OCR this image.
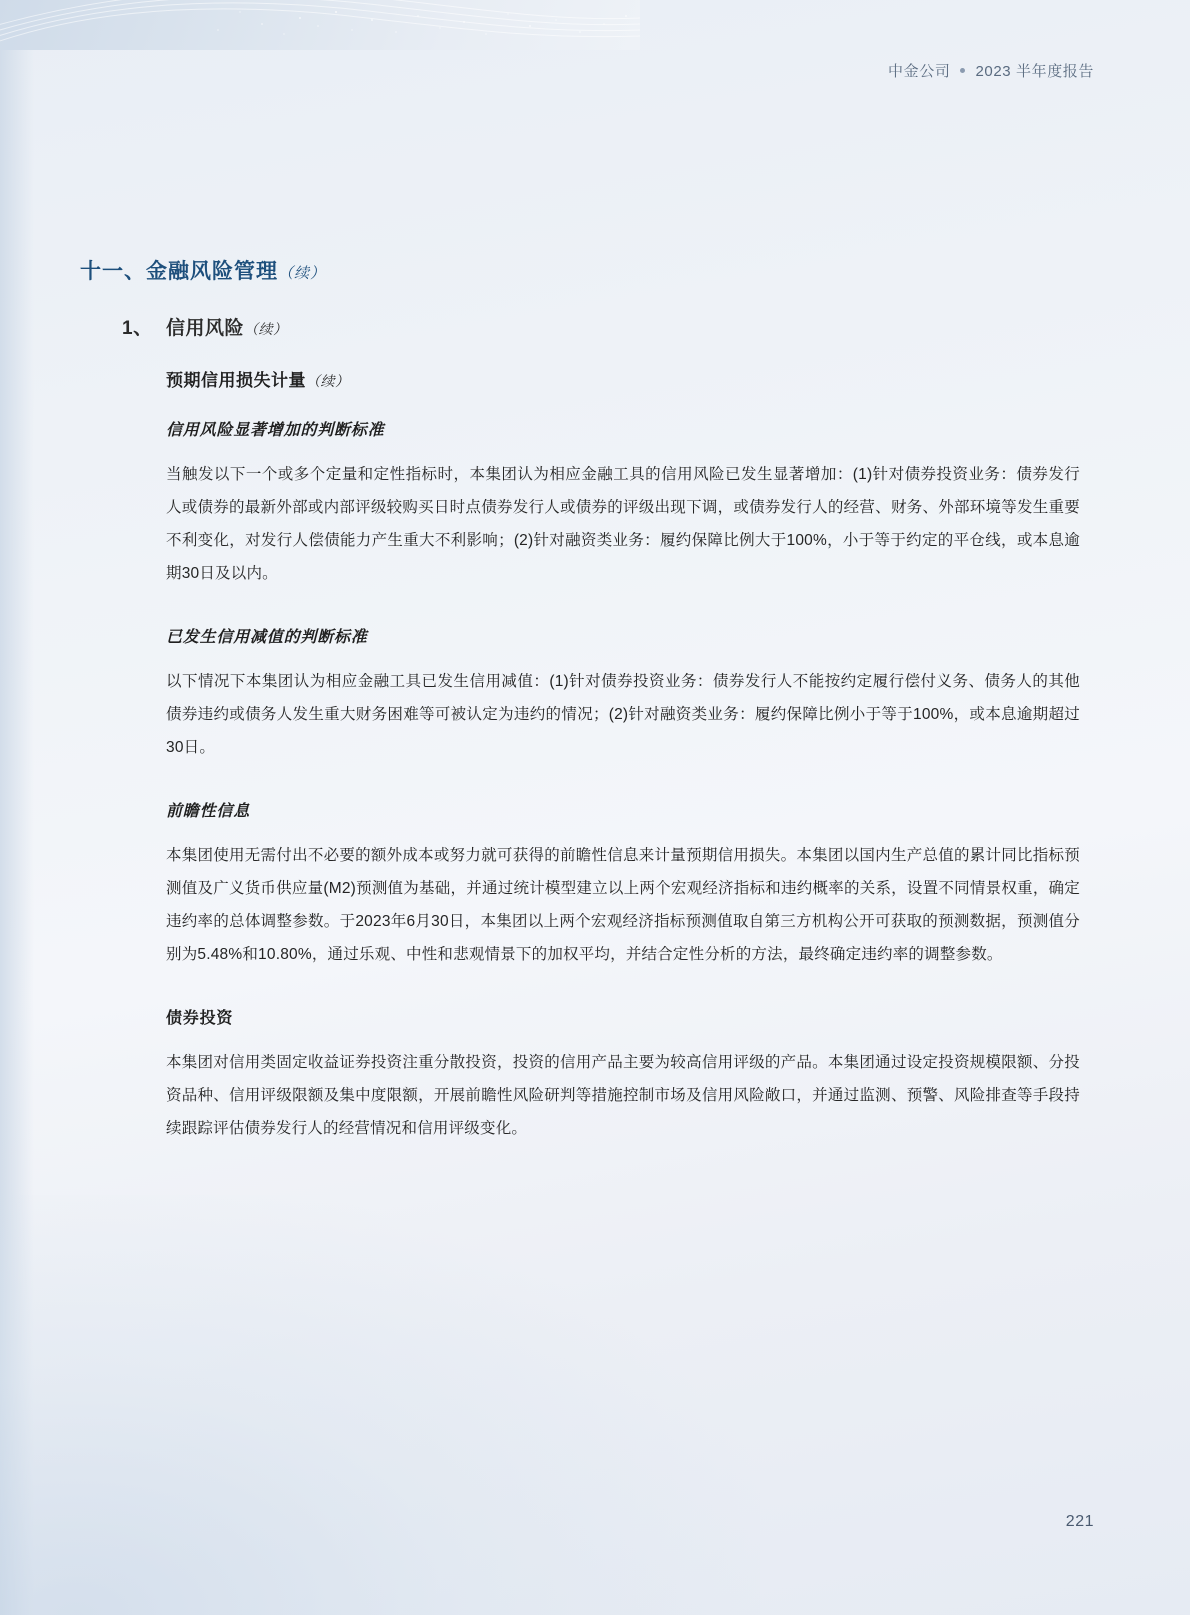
中金公司 2023 半年度报告
十一、金融风险管理（续）
1、 信用风险（续）
预期信用损失计量（续）
信用风险显著增加的判断标准

当触发以下一个或多个定量和定性指标时，本集团认为相应金融工具的信用风险已发生显著增加：(1)针对债券投资业务：债券发行人或债券的最新外部或内部评级较购买日时点债券发行人或债券的评级出现下调，或债券发行人的经营、财务、外部环境等发生重要不利变化，对发行人偿债能力产生重大不利影响；(2)针对融资类业务：履约保障比例大于100%，小于等于约定的平仓线，或本息逾期30日及以内。

已发生信用减值的判断标准

以下情况下本集团认为相应金融工具已发生信用减值：(1)针对债券投资业务：债券发行人不能按约定履行偿付义务、债务人的其他债券违约或债务人发生重大财务困难等可被认定为违约的情况；(2)针对融资类业务：履约保障比例小于等于100%，或本息逾期超过30日。

前瞻性信息

本集团使用无需付出不必要的额外成本或努力就可获得的前瞻性信息来计量预期信用损失。本集团以国内生产总值的累计同比指标预测值及广义货币供应量(M2)预测值为基础，并通过统计模型建立以上两个宏观经济指标和违约概率的关系，设置不同情景权重，确定违约率的总体调整参数。于2023年6月30日，本集团以上两个宏观经济指标预测值取自第三方机构公开可获取的预测数据，预测值分别为5.48%和10.80%，通过乐观、中性和悲观情景下的加权平均，并结合定性分析的方法，最终确定违约率的调整参数。

债券投资

本集团对信用类固定收益证券投资注重分散投资，投资的信用产品主要为较高信用评级的产品。本集团通过设定投资规模限额、分投资品种、信用评级限额及集中度限额，开展前瞻性风险研判等措施控制市场及信用风险敞口，并通过监测、预警、风险排查等手段持续跟踪评估债券发行人的经营情况和信用评级变化。

221
